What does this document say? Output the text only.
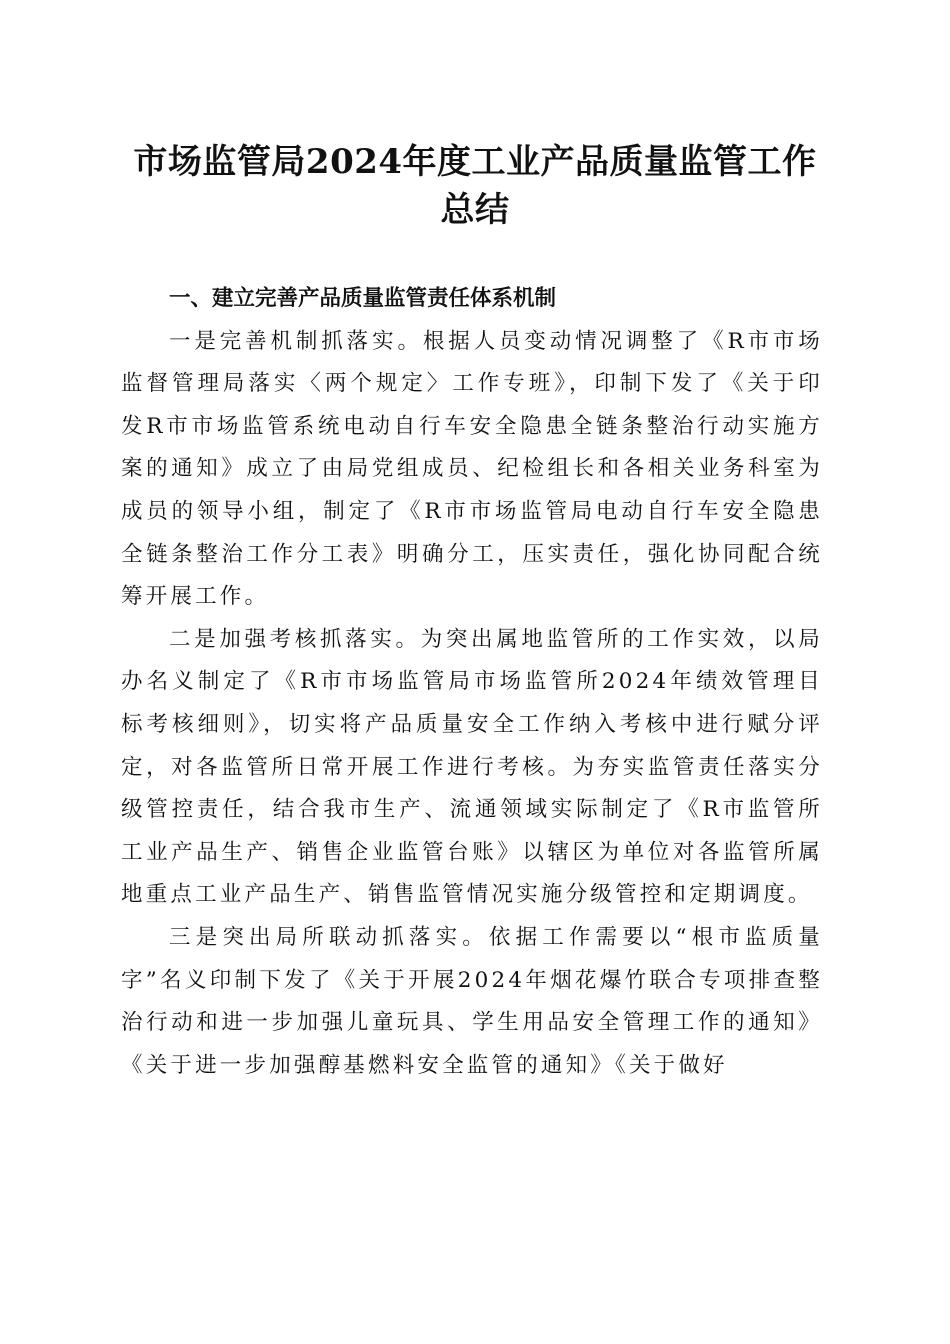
市场监管局2024年度工业产品质量监管工作
总结

一、建立完善产品质量监管责任体系机制

一是完善机制抓落实。根据人员变动情况调整了《R市市场监督管理局落实〈两个规定〉工作专班》，印制下发了《关于印发R市市场监管系统电动自行车安全隐患全链条整治行动实施方案的通知》成立了由局党组成员、纪检组长和各相关业务科室为成员的领导小组，制定了《R市市场监管局电动自行车安全隐患全链条整治工作分工表》明确分工，压实责任，强化协同配合统筹开展工作。

二是加强考核抓落实。为突出属地监管所的工作实效，以局办名义制定了《R市市场监管局市场监管所2024年绩效管理目标考核细则》，切实将产品质量安全工作纳入考核中进行赋分评定，对各监管所日常开展工作进行考核。为夯实监管责任落实分级管控责任，结合我市生产、流通领域实际制定了《R市监管所工业产品生产、销售企业监管台账》以辖区为单位对各监管所属地重点工业产品生产、销售监管情况实施分级管控和定期调度。

三是突出局所联动抓落实。依据工作需要以“根市监质量字”名义印制下发了《关于开展2024年烟花爆竹联合专项排查整治行动和进一步加强儿童玩具、学生用品安全管理工作的通知》《关于进一步加强醇基燃料安全监管的通知》《关于做好
